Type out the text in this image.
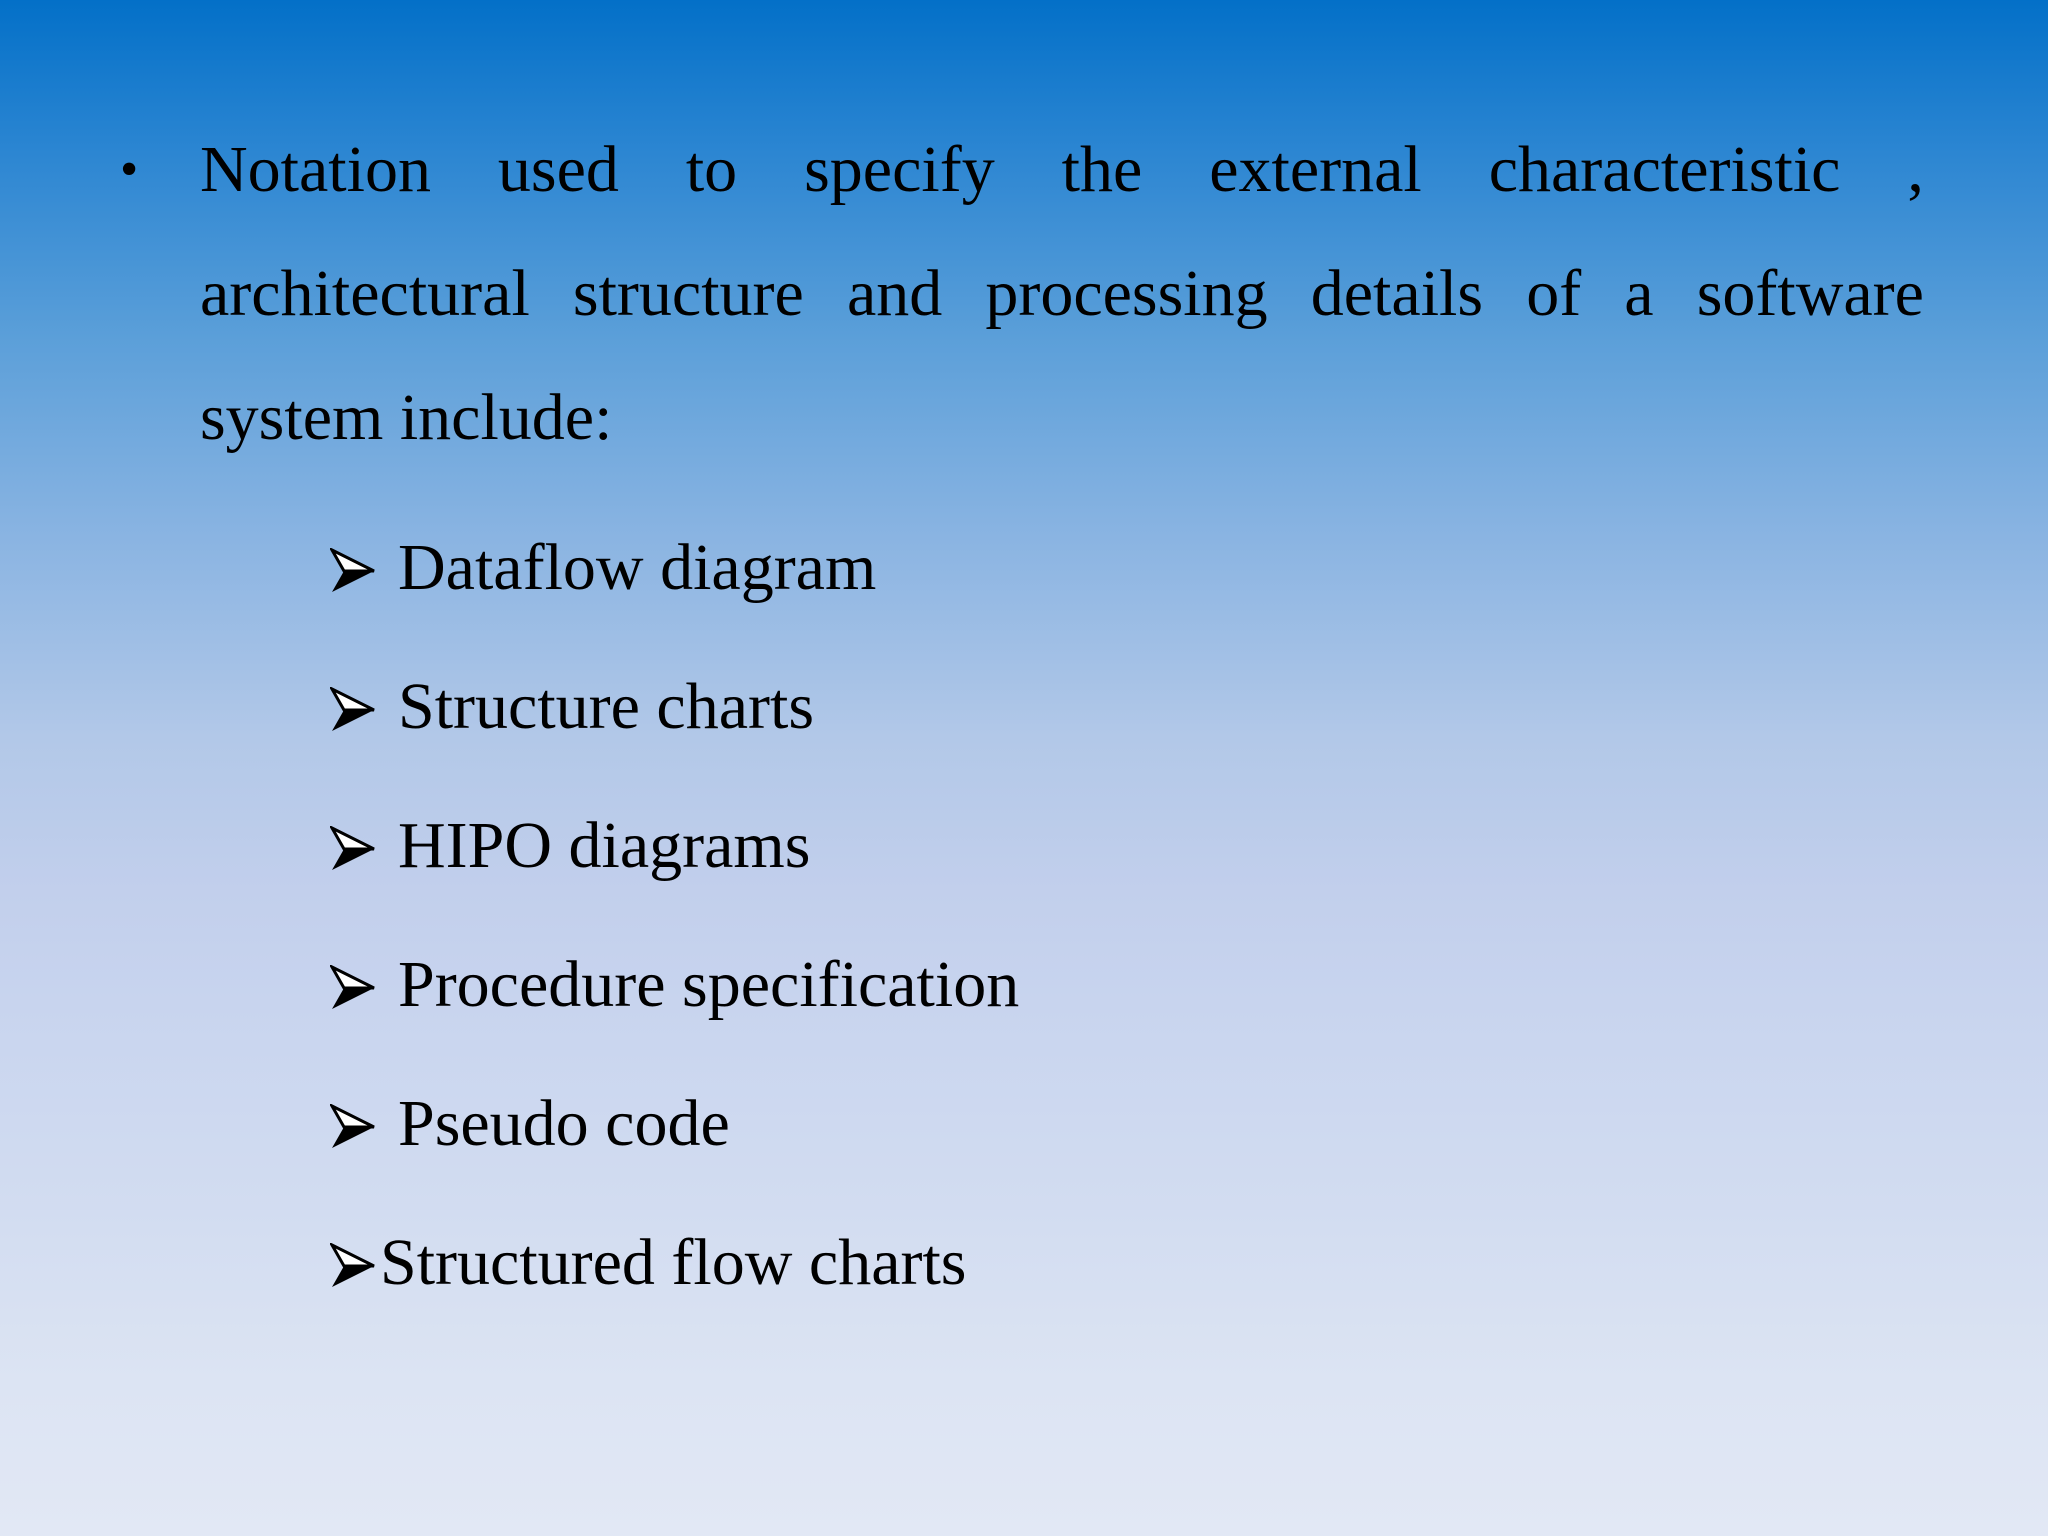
• Notation used to specify the external characteristic ,
architectural structure and processing details of a software
system include:
Dataflow diagram
Structure charts
HIPO diagrams
Procedure specification
Pseudo code
Structured flow charts
